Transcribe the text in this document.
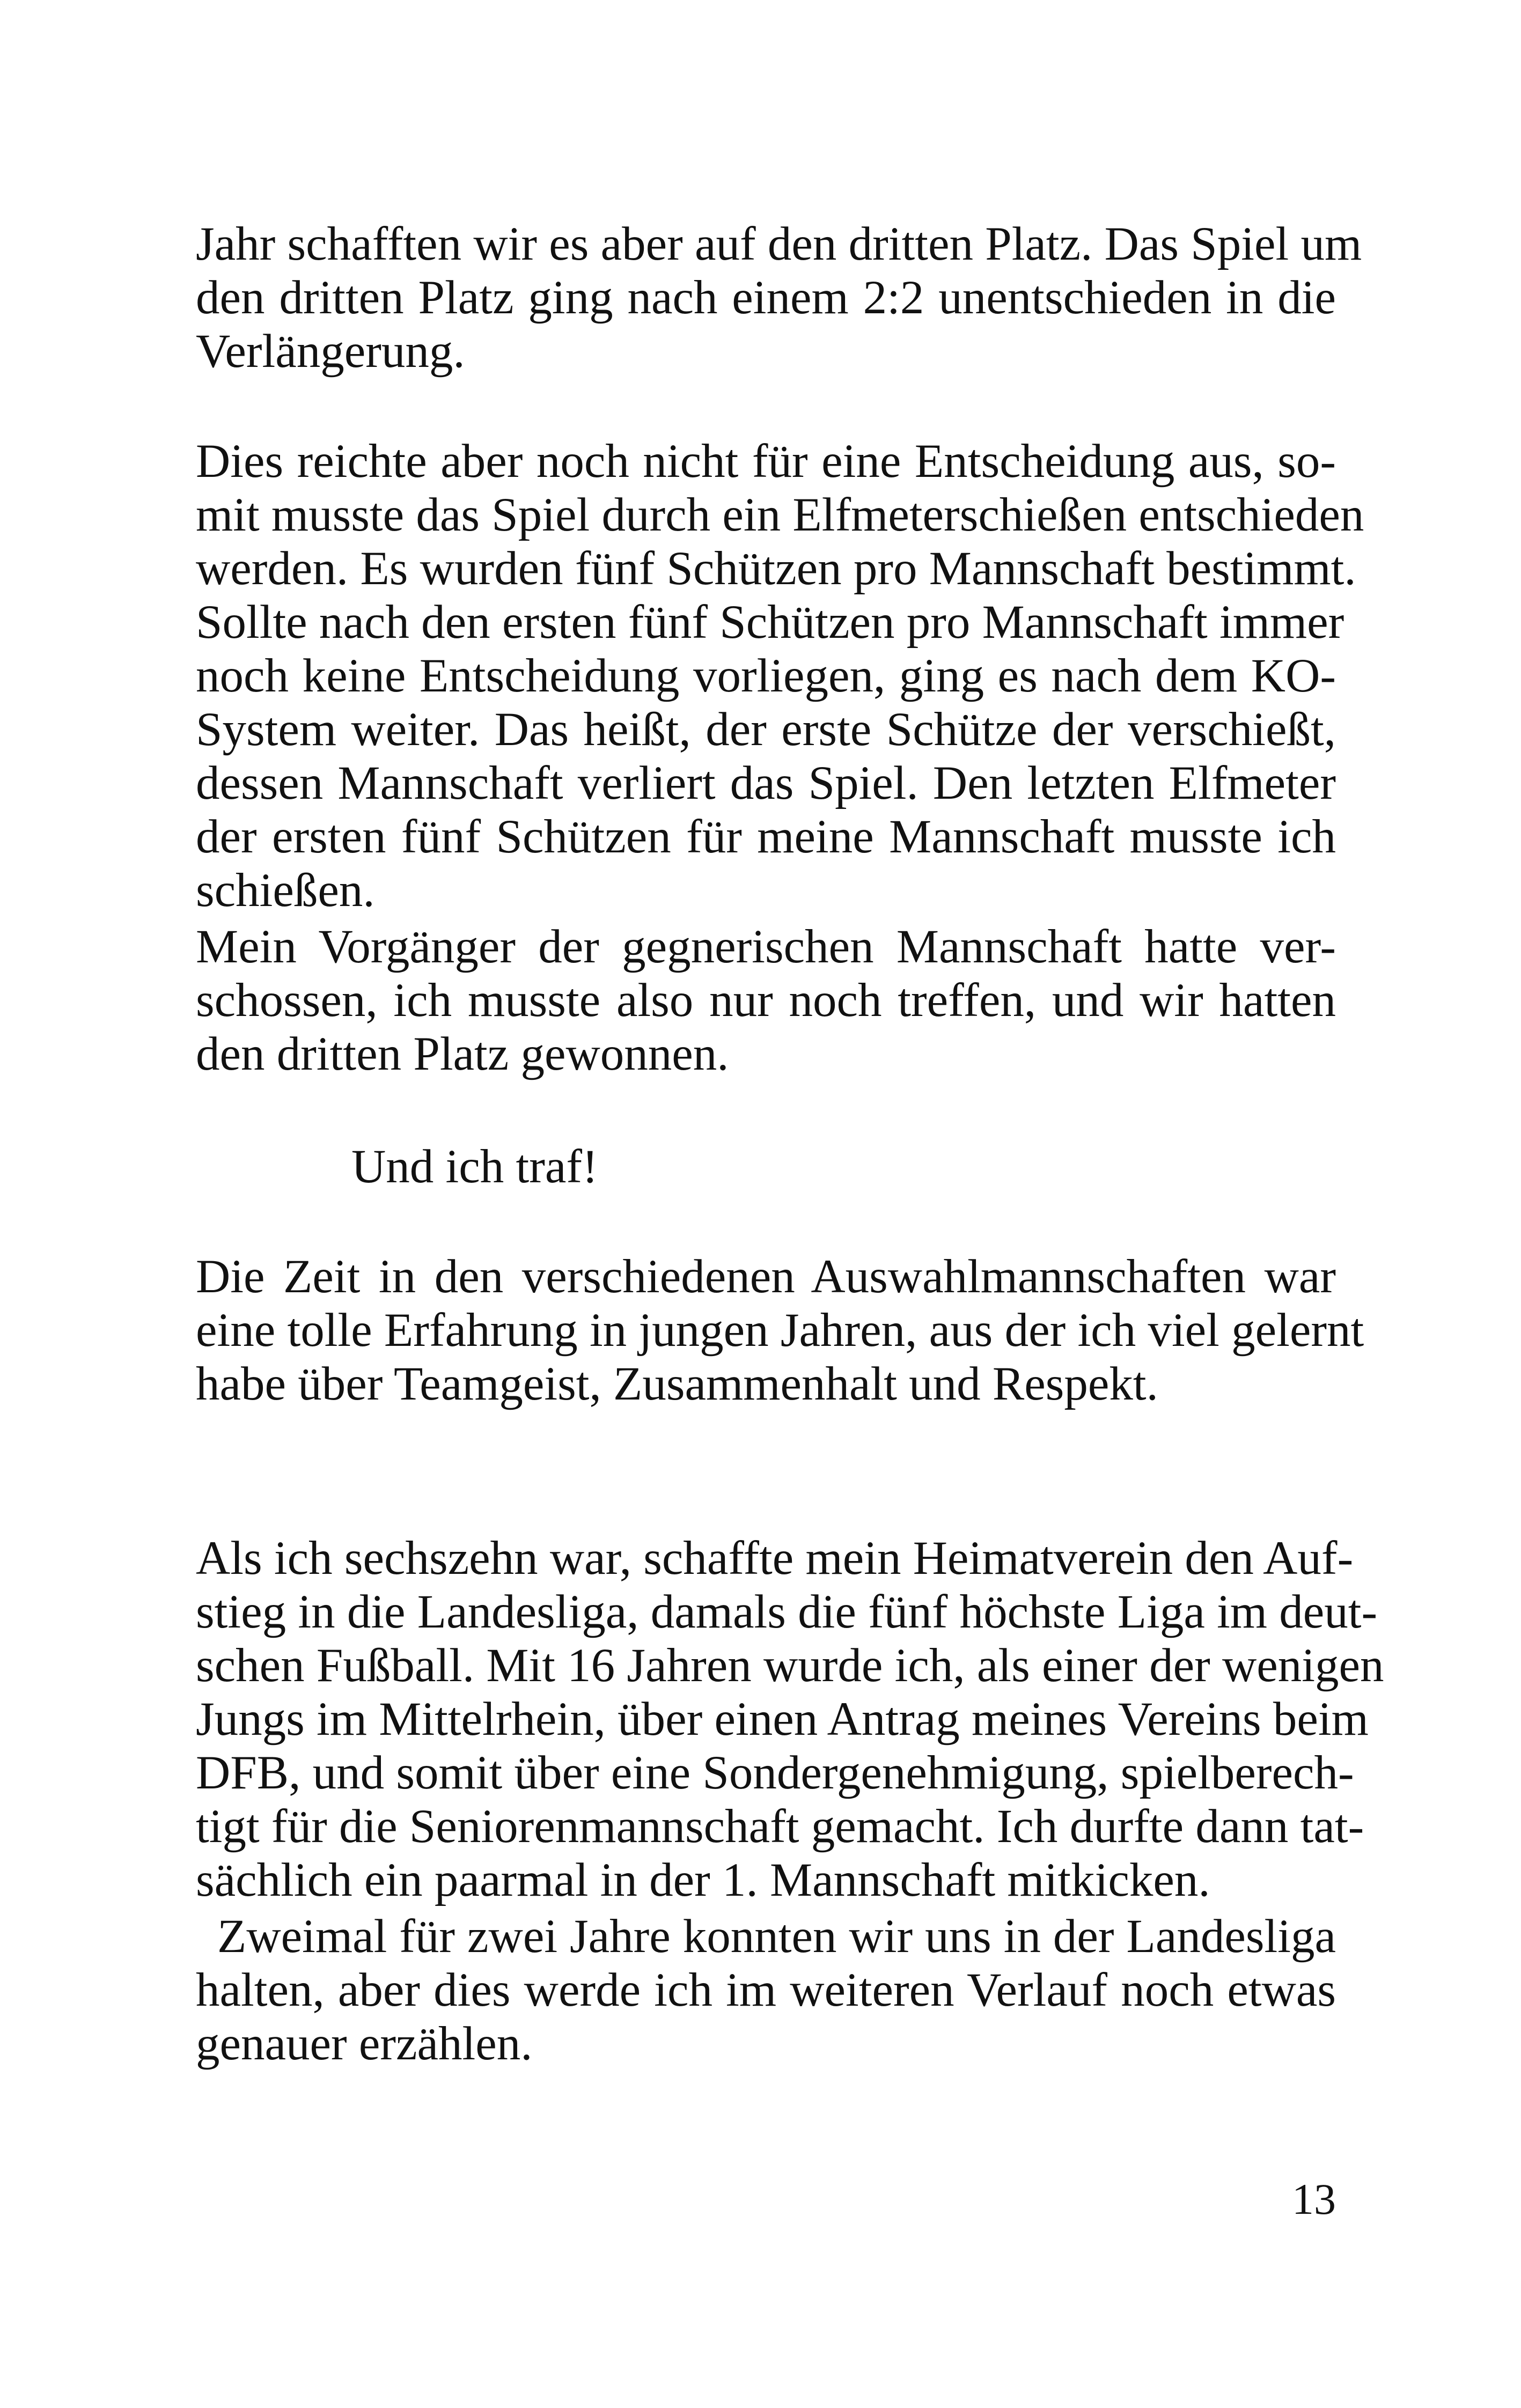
Jahr schafften wir es aber auf den dritten Platz. Das Spiel um
den dritten Platz ging nach einem 2:2 unentschieden in die
Verlängerung.
Dies reichte aber noch nicht für eine Entscheidung aus, so-
mit musste das Spiel durch ein Elfmeterschießen entschieden
werden. Es wurden fünf Schützen pro Mannschaft bestimmt.
Sollte nach den ersten fünf Schützen pro Mannschaft immer
noch keine Entscheidung vorliegen, ging es nach dem KO-
System weiter. Das heißt, der erste Schütze der verschießt,
dessen Mannschaft verliert das Spiel. Den letzten Elfmeter
der ersten fünf Schützen für meine Mannschaft musste ich
schießen.
Mein Vorgänger der gegnerischen Mannschaft hatte ver-
schossen, ich musste also nur noch treffen, und wir hatten
den dritten Platz gewonnen.
Und ich traf!
Die Zeit in den verschiedenen Auswahlmannschaften war
eine tolle Erfahrung in jungen Jahren, aus der ich viel gelernt
habe über Teamgeist, Zusammenhalt und Respekt.
Als ich sechszehn war, schaffte mein Heimatverein den Auf-
stieg in die Landesliga, damals die fünf höchste Liga im deut-
schen Fußball. Mit 16 Jahren wurde ich, als einer der wenigen
Jungs im Mittelrhein, über einen Antrag meines Vereins beim
DFB, und somit über eine Sondergenehmigung, spielberech-
tigt für die Seniorenmannschaft gemacht. Ich durfte dann tat-
sächlich ein paarmal in der 1. Mannschaft mitkicken.
Zweimal für zwei Jahre konnten wir uns in der Landesliga
halten, aber dies werde ich im weiteren Verlauf noch etwas
genauer erzählen.
13
